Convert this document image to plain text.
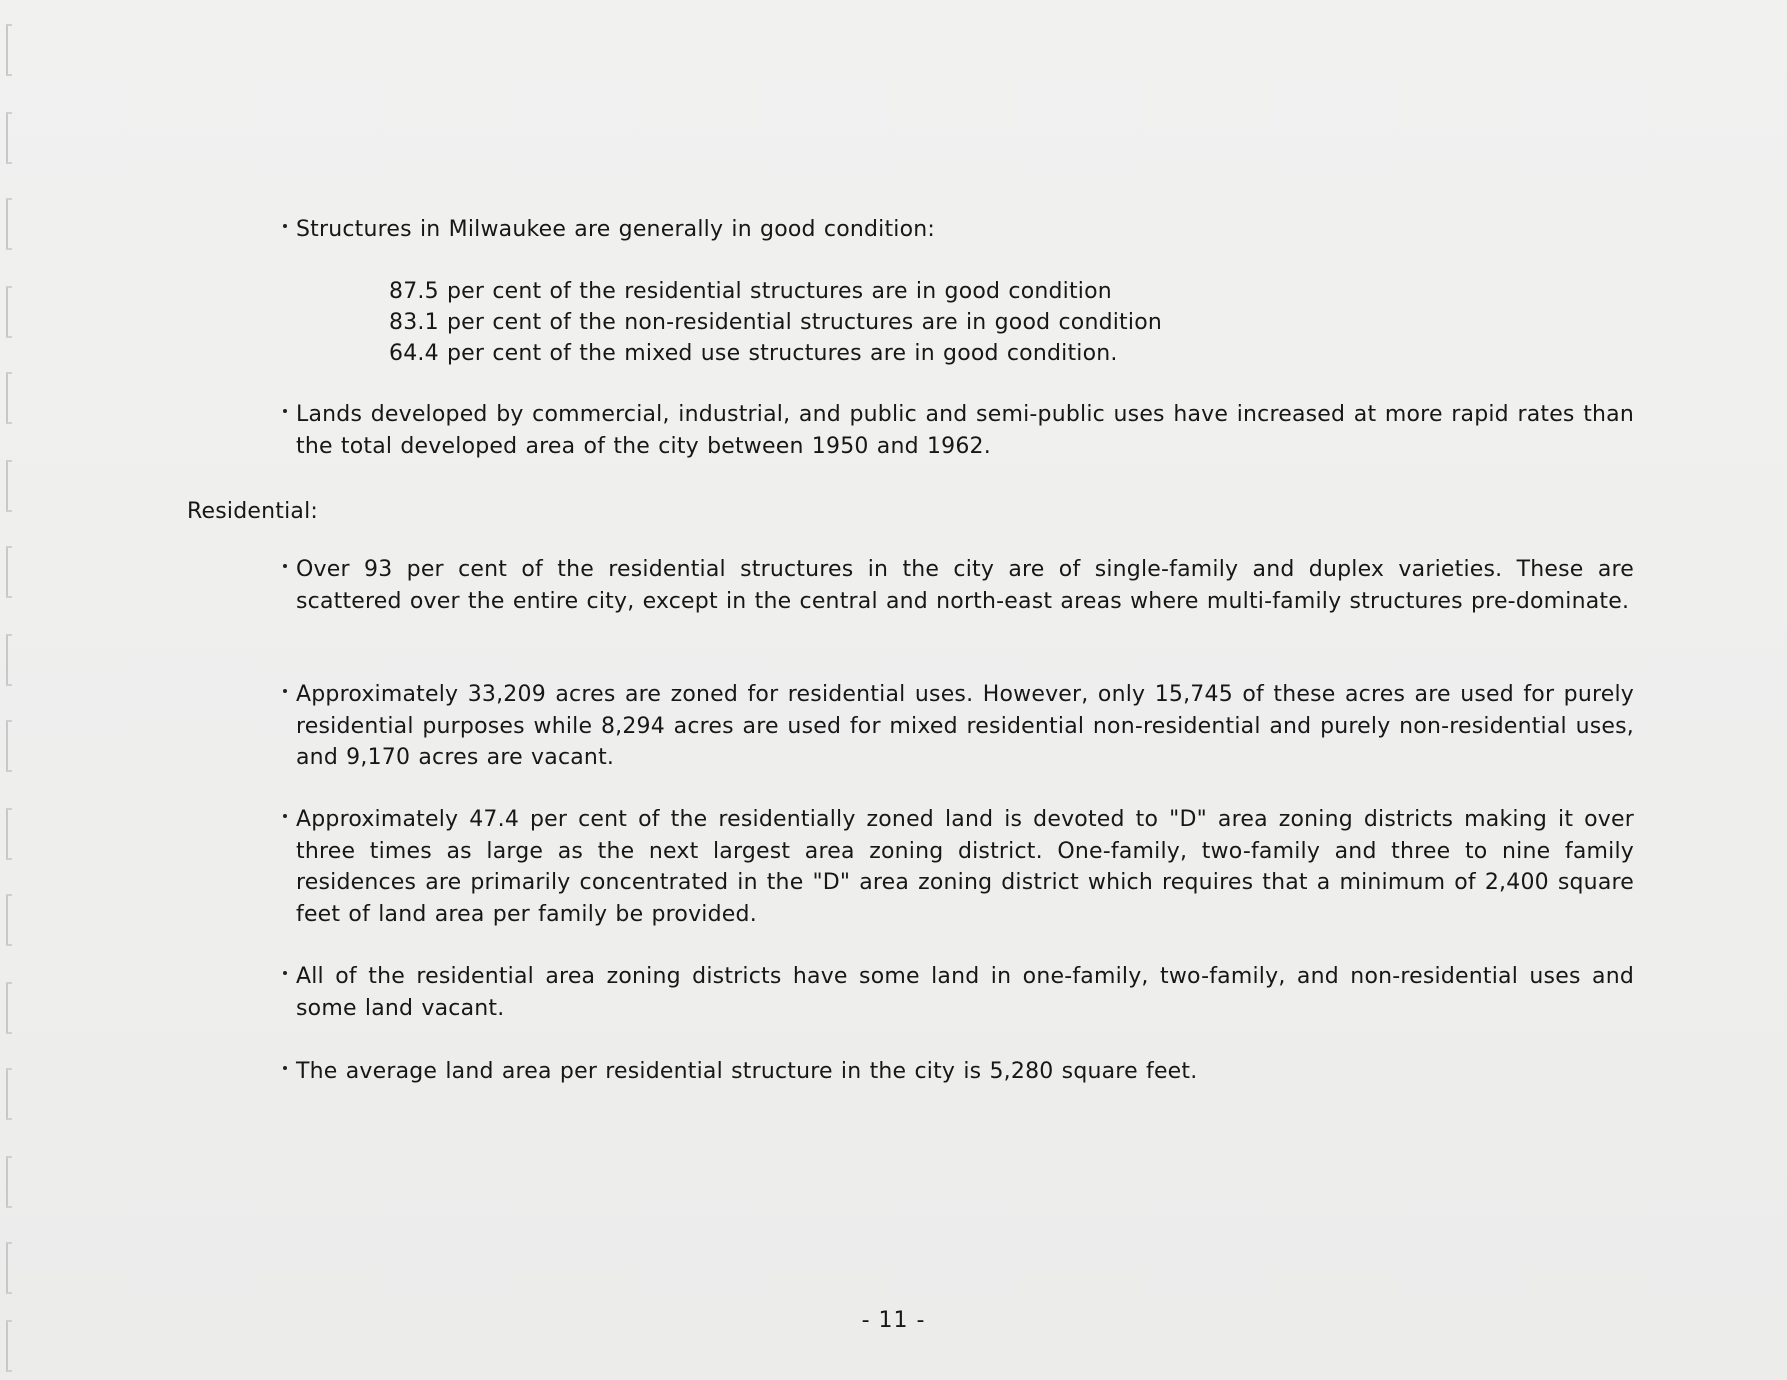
Structures in Milwaukee are generally in good condition:
87.5 per cent of the residential structures are in good condition
83.1 per cent of the non-residential structures are in good condition
64.4 per cent of the mixed use structures are in good condition.
Lands developed by commercial, industrial, and public and semi-public uses have increased at more rapid rates than the total developed area of the city between 1950 and 1962.
Residential:
Over 93 per cent of the residential structures in the city are of single-family and duplex varieties. These are scattered over the entire city, except in the central and north-east areas where multi-family structures pre-dominate.
Approximately 33,209 acres are zoned for residential uses. However, only 15,745 of these acres are used for purely residential purposes while 8,294 acres are used for mixed residential non-residential and purely non-residential uses, and 9,170 acres are vacant.
Approximately 47.4 per cent of the residentially zoned land is devoted to "D" area zoning districts making it over three times as large as the next largest area zoning district. One-family, two-family and three to nine family residences are primarily concentrated in the "D" area zoning district which requires that a minimum of 2,400 square feet of land area per family be provided.
All of the residential area zoning districts have some land in one-family, two-family, and non-residential uses and some land vacant.
The average land area per residential structure in the city is 5,280 square feet.
- 11 -
